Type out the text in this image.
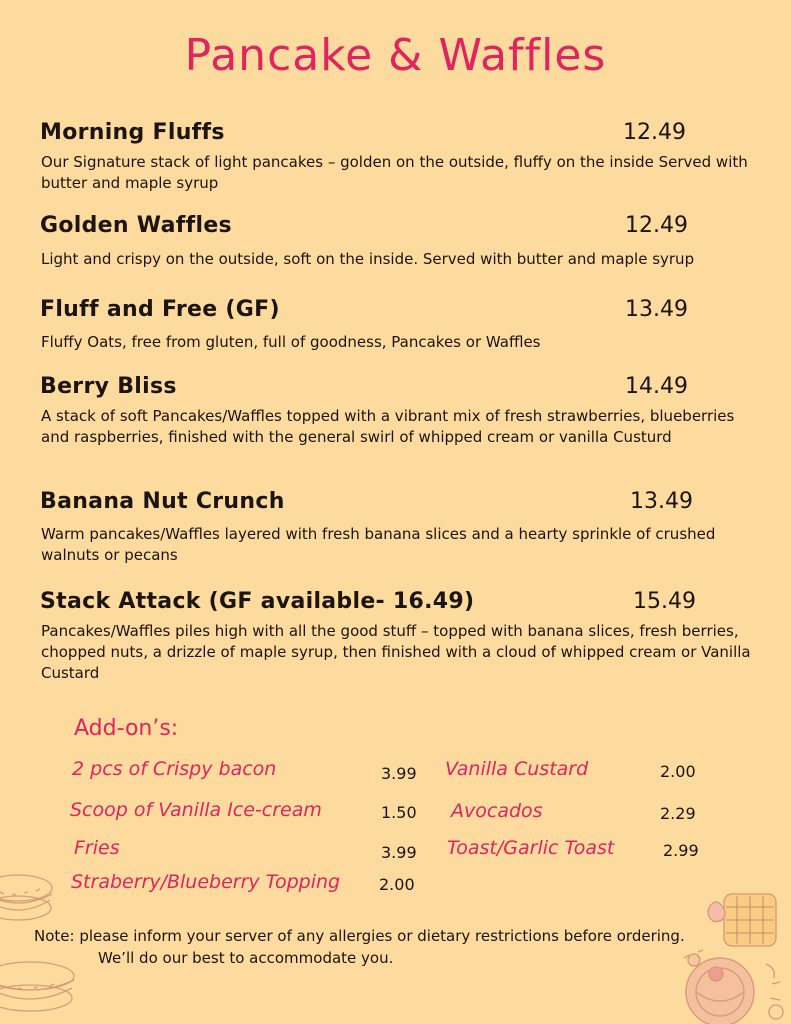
Pancake & Waffles
Morning Fluffs	12.49
Our Signature stack of light pancakes – golden on the outside, fluffy on the inside Served with butter and maple syrup
Golden Waffles	12.49
Light and crispy on the outside, soft on the inside. Served with butter and maple syrup
Fluff and Free (GF)	13.49
Fluffy Oats, free from gluten, full of goodness, Pancakes or Waffles
Berry Bliss	14.49
A stack of soft Pancakes/Waffles topped with a vibrant mix of fresh strawberries, blueberries and raspberries, finished with the general swirl of whipped cream or vanilla Custurd
Banana Nut Crunch	13.49
Warm pancakes/Waffles layered with fresh banana slices and a hearty sprinkle of crushed walnuts or pecans
Stack Attack (GF available- 16.49)	15.49
Pancakes/Waffles piles high with all the good stuff – topped with banana slices, fresh berries, chopped nuts, a drizzle of maple syrup, then finished with a cloud of whipped cream or Vanilla Custard
Add-on’s:
2 pcs of Crispy bacon	3.99
Scoop of Vanilla Ice-cream	1.50
Fries	3.99
Straberry/Blueberry Topping 2.00
Vanilla Custard	2.00
Avocados	2.29
Toast/Garlic Toast	2.99
Note: please inform your server of any allergies or dietary restrictions before ordering.
We’ll do our best to accommodate you.
